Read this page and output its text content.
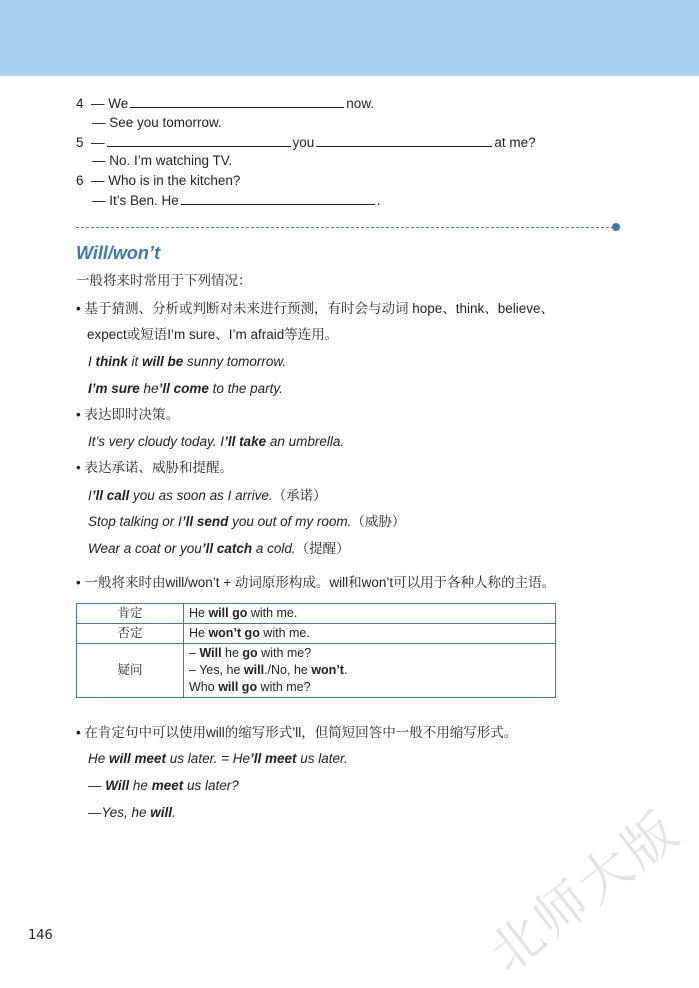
4 — We	now.
— See you tomorrow.
5 —	you	at me?
— No. I’m watching TV.
6 — Who is in the kitchen?
— It’s Ben. He	.
Will/won’t
一般将来时常用于下列情况：
• 基于猜测、分析或判断对未来进行预测，有时会与动词 hope、think、believe、
expect或短语I’m sure、I’m afraid等连用。
I think it will be sunny tomorrow.
I’m sure he’ll come to the party.
• 表达即时决策。
It’s very cloudy today. I’ll take an umbrella.
• 表达承诺、威胁和提醒。
I’ll call you as soon as I arrive.（承诺）
Stop talking or I’ll send you out of my room.（威胁）
Wear a coat or you’ll catch a cold.（提醒）
• 一般将来时由will/won’t + 动词原形构成。will和won’t可以用于各种人称的主语。
肯定	He will go with me.
否定	He won’t go with me.
疑问	– Will he go with me?
– Yes, he will./No, he won’t.
Who will go with me?
• 在肯定句中可以使用will的缩写形式’ll，但简短回答中一般不用缩写形式。
He will meet us later. = He’ll meet us later.
— Will he meet us later?
—Yes, he will.
146	北师大版
